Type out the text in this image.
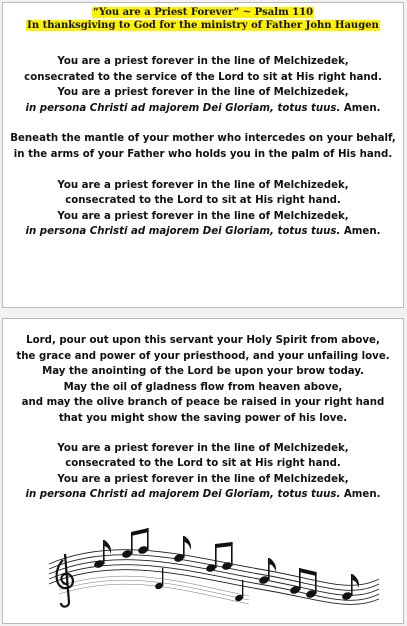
“You are a Priest Forever” ~ Psalm 110
In thanksgiving to God for the ministry of Father John Haugen
You are a priest forever in the line of Melchizedek,
consecrated to the service of the Lord to sit at His right hand.
You are a priest forever in the line of Melchizedek,
in persona Christi ad majorem Dei Gloriam, totus tuus. Amen.
Beneath the mantle of your mother who intercedes on your behalf,
in the arms of your Father who holds you in the palm of His hand.
You are a priest forever in the line of Melchizedek,
consecrated to the Lord to sit at His right hand.
You are a priest forever in the line of Melchizedek,
in persona Christi ad majorem Dei Gloriam, totus tuus. Amen.
Lord, pour out upon this servant your Holy Spirit from above,
the grace and power of your priesthood, and your unfailing love.
May the anointing of the Lord be upon your brow today.
May the oil of gladness flow from heaven above,
and may the olive branch of peace be raised in your right hand
that you might show the saving power of his love.
You are a priest forever in the line of Melchizedek,
consecrated to the Lord to sit at His right hand.
You are a priest forever in the line of Melchizedek,
in persona Christi ad majorem Dei Gloriam, totus tuus. Amen.
